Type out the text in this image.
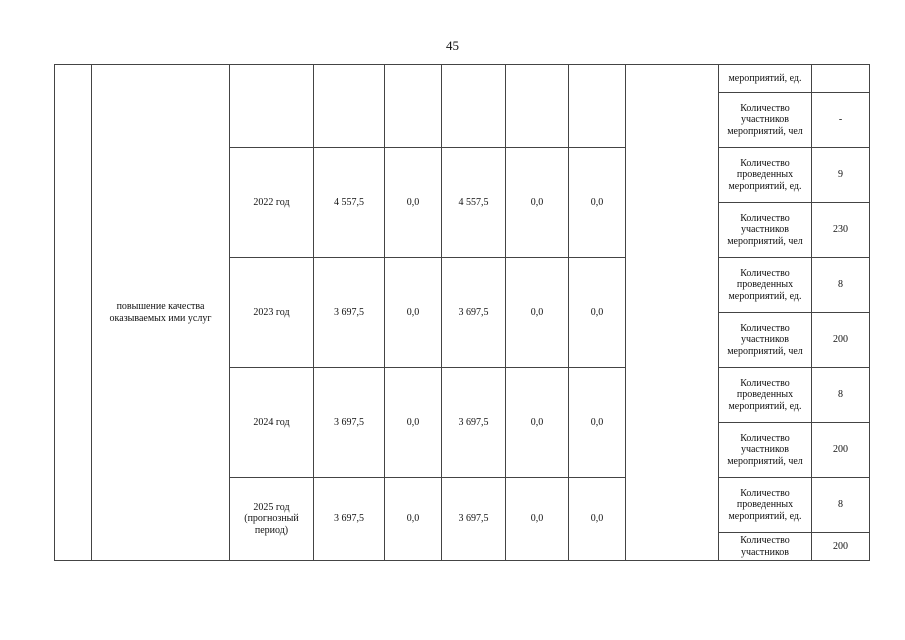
45
	повышение качества оказываемых ими услуг								мероприятий, ед.	
									Количество участников мероприятий, чел	-
		2022 год	4 557,5	0,0	4 557,5	0,0	0,0		Количество проведенных мероприятий, ед.	9
									Количество участников мероприятий, чел	230
		2023 год	3 697,5	0,0	3 697,5	0,0	0,0		Количество проведенных мероприятий, ед.	8
									Количество участников мероприятий, чел	200
		2024 год	3 697,5	0,0	3 697,5	0,0	0,0		Количество проведенных мероприятий, ед.	8
									Количество участников мероприятий, чел	200
		2025 год (прогнозный период)	3 697,5	0,0	3 697,5	0,0	0,0		Количество проведенных мероприятий, ед.	8
									Количество участников	200
